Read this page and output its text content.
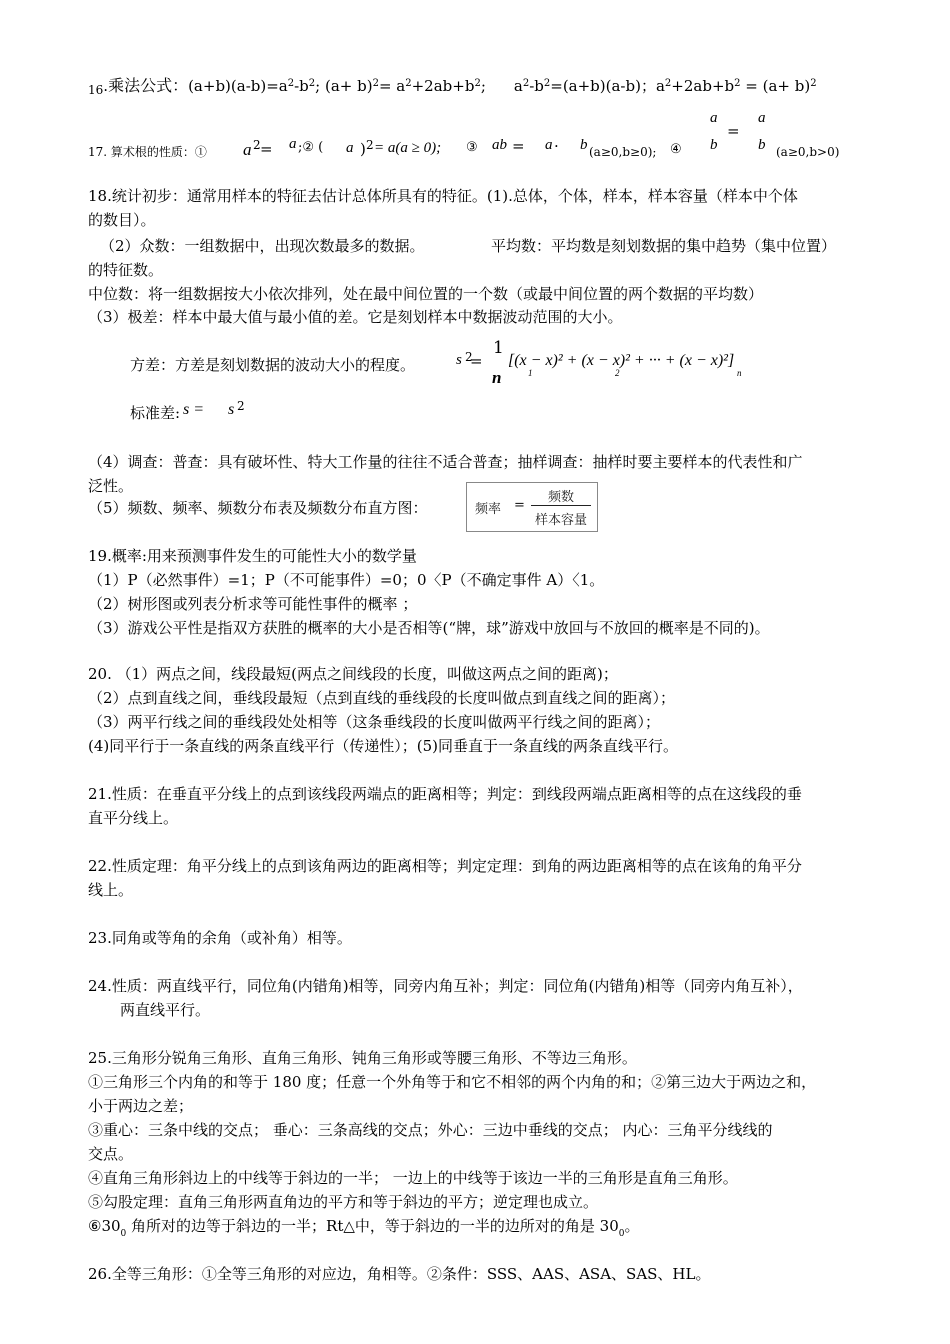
$_{16}$.乘法公式：$(a+b)(a-b)=a^2-b^2$; $(a+ b)^2= a^2+2ab+b^2$; $a^2-b^2=(a+b)(a-b)$；$a^2+2ab+b^2 = (a+ b)^2$
17. 算术根的性质：①	a 2 = a ;② ( a ) 2 = a(a ≥ 0); ③ ab = a · b (a≥0,b≥0); ④
a
b
=
a
b (a≥0,b>0)
18.统计初步：通常用样本的特征去估计总体所具有的特征。(1).总体，个体，样本，样本容量（样本中个体
的数目）。
（2）众数：一组数据中，出现次数最多的数据。	平均数：平均数是刻划数据的集中趋势（集中位置）
的特征数。
中位数：将一组数据按大小依次排列，处在最中间位置的一个数（或最中间位置的两个数据的平均数）
（3）极差：样本中最大值与最小值的差。它是刻划样本中数据波动范围的大小。
方差：方差是刻划数据的波动大小的程度。	s 2
=
1
n
[(x − x)² + (x − x)² + ··· + (x − x)²]
1	2	n
标准差: s = s 2
（4）调查：普查：具有破坏性、特大工作量的往往不适合普查；抽样调查：抽样时要主要样本的代表性和广
泛性。
（5）频数、频率、频数分布表及频数分布直方图：	频率 =
频数
样本容量
19.概率:用来预测事件发生的可能性大小的数学量
（1）P（必然事件）=1；P（不可能事件）=0；0〈P（不确定事件 A）〈1。
（2）树形图或列表分析求等可能性事件的概率 ；
（3）游戏公平性是指双方获胜的概率的大小是否相等(“牌，球”游戏中放回与不放回的概率是不同的)。
20. （1）两点之间，线段最短(两点之间线段的长度，叫做这两点之间的距离)；
（2）点到直线之间，垂线段最短（点到直线的垂线段的长度叫做点到直线之间的距离）；
（3）两平行线之间的垂线段处处相等（这条垂线段的长度叫做两平行线之间的距离）；
(4)同平行于一条直线的两条直线平行（传递性）；(5)同垂直于一条直线的两条直线平行。
21.性质：在垂直平分线上的点到该线段两端点的距离相等；判定：到线段两端点距离相等的点在这线段的垂
直平分线上。
22.性质定理：角平分线上的点到该角两边的距离相等；判定定理：到角的两边距离相等的点在该角的角平分
线上。
23.同角或等角的余角（或补角）相等。
24.性质：两直线平行，同位角(内错角)相等，同旁内角互补；判定：同位角(内错角)相等（同旁内角互补），
两直线平行。
25.三角形分锐角三角形、直角三角形、钝角三角形或等腰三角形、不等边三角形。
①三角形三个内角的和等于 180 度；任意一个外角等于和它不相邻的两个内角的和；②第三边大于两边之和，
小于两边之差；
③重心：三条中线的交点； 垂心：三条高线的交点；外心：三边中垂线的交点； 内心：三角平分线线的
交点。
④直角三角形斜边上的中线等于斜边的一半； 一边上的中线等于该边一半的三角形是直角三角形。
⑤勾股定理：直角三角形两直角边的平方和等于斜边的平方；逆定理也成立。
$⑥30_0$ 角所对的边等于斜边的一半；Rt△中，等于斜边的一半的边所对的角是 $30_0$。
26.全等三角形：①全等三角形的对应边，角相等。②条件：SSS、AAS、ASA、SAS、HL。
